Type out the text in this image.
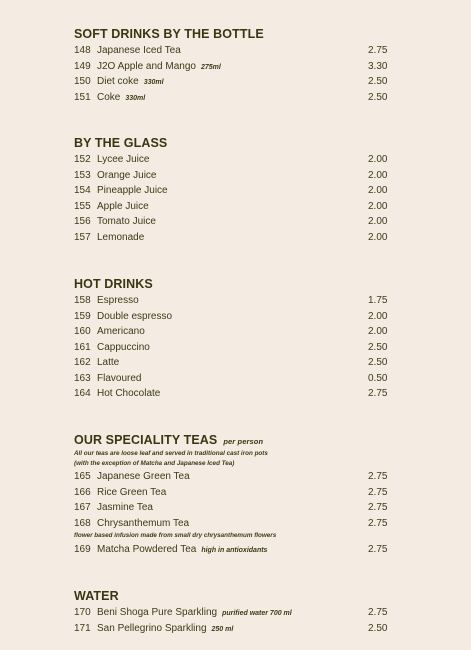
SOFT DRINKS BY THE BOTTLE
148 Japanese Iced Tea	2.75
149 J2O Apple and Mango 275ml	3.30
150 Diet coke 330ml	2.50
151 Coke 330ml	2.50
BY THE GLASS
152 Lycee Juice	2.00
153 Orange Juice	2.00
154 Pineapple Juice	2.00
155 Apple Juice	2.00
156 Tomato Juice	2.00
157 Lemonade	2.00
HOT DRINKS
158 Espresso	1.75
159 Double espresso	2.00
160 Americano	2.00
161 Cappuccino	2.50
162 Latte	2.50
163 Flavoured	0.50
164 Hot Chocolate	2.75
OUR SPECIALITY TEAS per person
All our teas are loose leaf and served in traditional cast iron pots
(with the exception of Matcha and Japanese Iced Tea)
165 Japanese Green Tea	2.75
166 Rice Green Tea	2.75
167 Jasmine Tea	2.75
168 Chrysanthemum Tea	2.75
flower based infusion made from small dry chrysanthemum flowers
169 Matcha Powdered Tea high in antioxidants	2.75
WATER
170 Beni Shoga Pure Sparkling purified water 700 ml	2.75
171 San Pellegrino Sparkling 250 ml	2.50
